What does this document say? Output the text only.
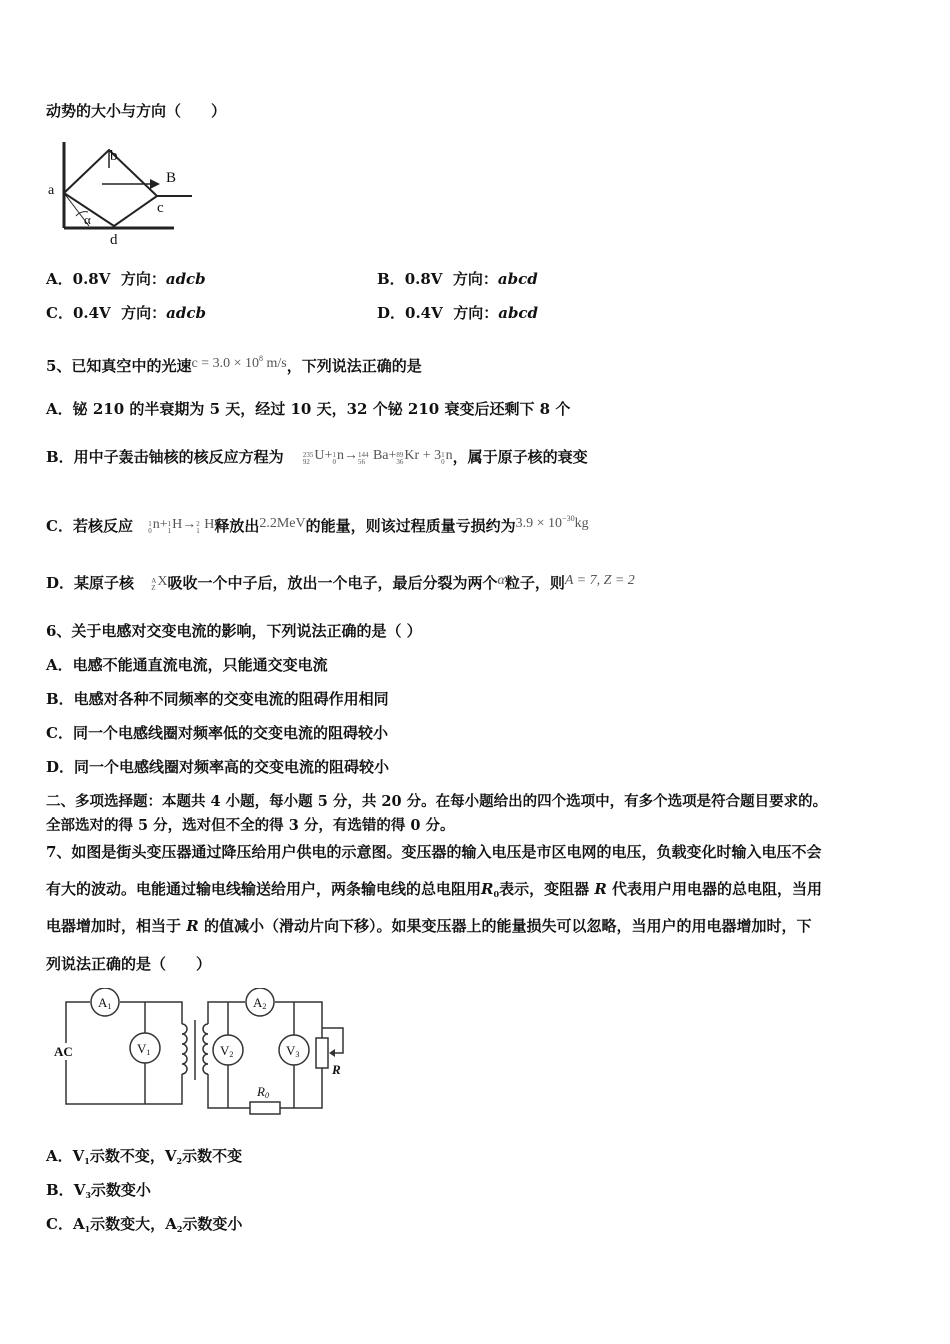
动势的大小与方向（　　）
a
b
c
d
B
α
A．0.8V 方向：adcb	B．0.8V 方向：abcd
C．0.4V 方向：adcb	D．0.4V 方向：abcd
5、已知真空中的光速$c = 3.0 \times 10^8$ m/s，下列说法正确的是
A．铋 210 的半衰期为 5 天，经过 10 天，32 个铋 210 衰变后还剩下 8 个
B．用中子轰击铀核的核反应方程为	235
92 U+ 1
0 n→ 144
56 Ba+ 89
36 Kr + 3 1
0 n，属于原子核的衰变
C．若核反应 1
0 n+ 1
1 H→ 2
1 H释放出2.2MeV的能量，则该过程质量亏损约为$3.9 \times 10^{-30}kg$
D．某原子核 A
Z X吸收一个中子后，放出一个电子，最后分裂为两个α粒子，则A = 7, Z = 2
6、关于电感对交变电流的影响，下列说法正确的是（ ）
A．电感不能通直流电流，只能通交变电流
B．电感对各种不同频率的交变电流的阻碍作用相同
C．同一个电感线圈对频率低的交变电流的阻碍较小
D．同一个电感线圈对频率高的交变电流的阻碍较小
二、多项选择题：本题共 4 小题，每小题 5 分，共 20 分。在每小题给出的四个选项中，有多个选项是符合题目要求的。
全部选对的得 5 分，选对但不全的得 3 分，有选错的得 0 分。
7、如图是街头变压器通过降压给用户供电的示意图。变压器的输入电压是市区电网的电压，负载变化时输入电压不会
有大的波动。电能通过输电线输送给用户，两条输电线的总电阻用$R_0$表示，变阻器 R 代表用户用电器的总电阻，当用
电器增加时，相当于 R 的值减小（滑动片向下移）。如果变压器上的能量损失可以忽略，当用户的用电器增加时，下
列说法正确的是（　　）
AC
A1
V1
A2
V2	V3
R
R0
A．$V_1$示数不变，$V_2$示数不变
B．$V_3$示数变小
C．$A_1$示数变大，$A_2$示数变小
